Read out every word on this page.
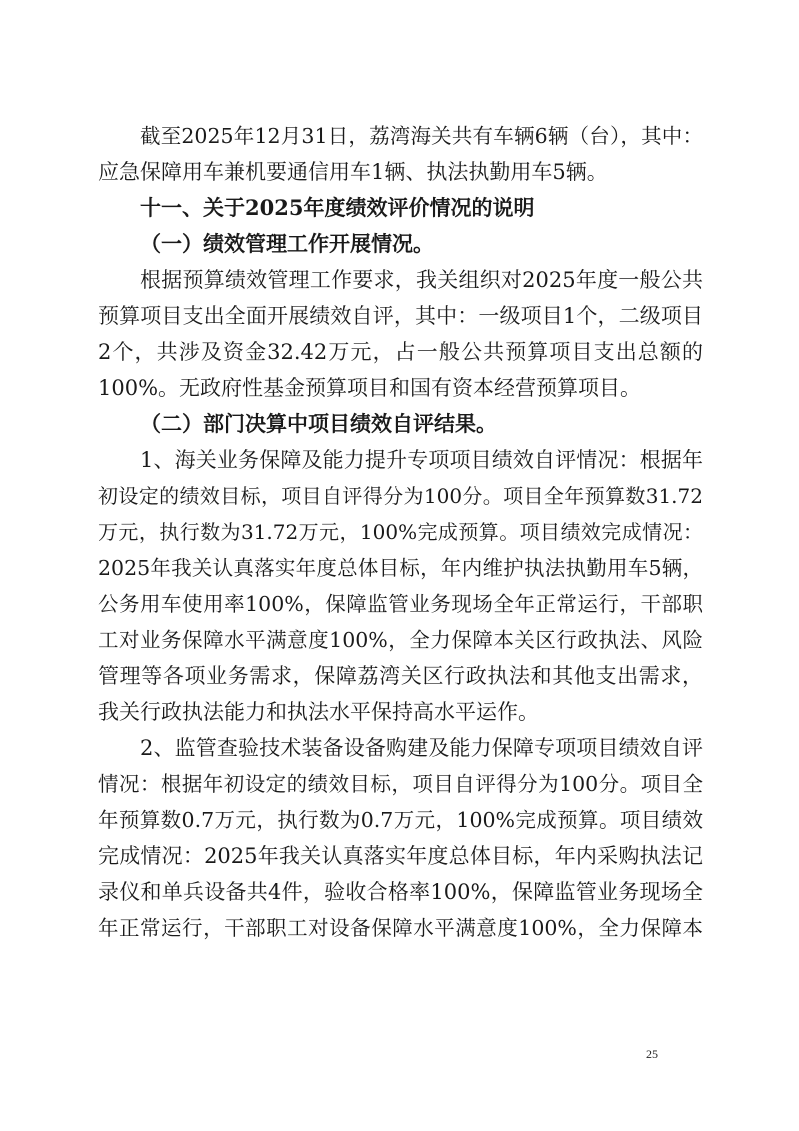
截至2025年12月31日，荔湾海关共有车辆6辆（台），其中：
应急保障用车兼机要通信用车1辆、执法执勤用车5辆。
十一、关于2025年度绩效评价情况的说明
（一）绩效管理工作开展情况。
根据预算绩效管理工作要求，我关组织对2025年度一般公共
预算项目支出全面开展绩效自评，其中：一级项目1个，二级项目
2个，共涉及资金32.42万元，占一般公共预算项目支出总额的
100%。无政府性基金预算项目和国有资本经营预算项目。
（二）部门决算中项目绩效自评结果。
1、海关业务保障及能力提升专项项目绩效自评情况：根据年
初设定的绩效目标，项目自评得分为100分。项目全年预算数31.72
万元，执行数为31.72万元，100%完成预算。项目绩效完成情况：
2025年我关认真落实年度总体目标，年内维护执法执勤用车5辆，
公务用车使用率100%，保障监管业务现场全年正常运行，干部职
工对业务保障水平满意度100%，全力保障本关区行政执法、风险
管理等各项业务需求，保障荔湾关区行政执法和其他支出需求，
我关行政执法能力和执法水平保持高水平运作。
2、监管查验技术装备设备购建及能力保障专项项目绩效自评
情况：根据年初设定的绩效目标，项目自评得分为100分。项目全
年预算数0.7万元，执行数为0.7万元，100%完成预算。项目绩效
完成情况：2025年我关认真落实年度总体目标，年内采购执法记
录仪和单兵设备共4件，验收合格率100%，保障监管业务现场全
年正常运行，干部职工对设备保障水平满意度100%，全力保障本
25
